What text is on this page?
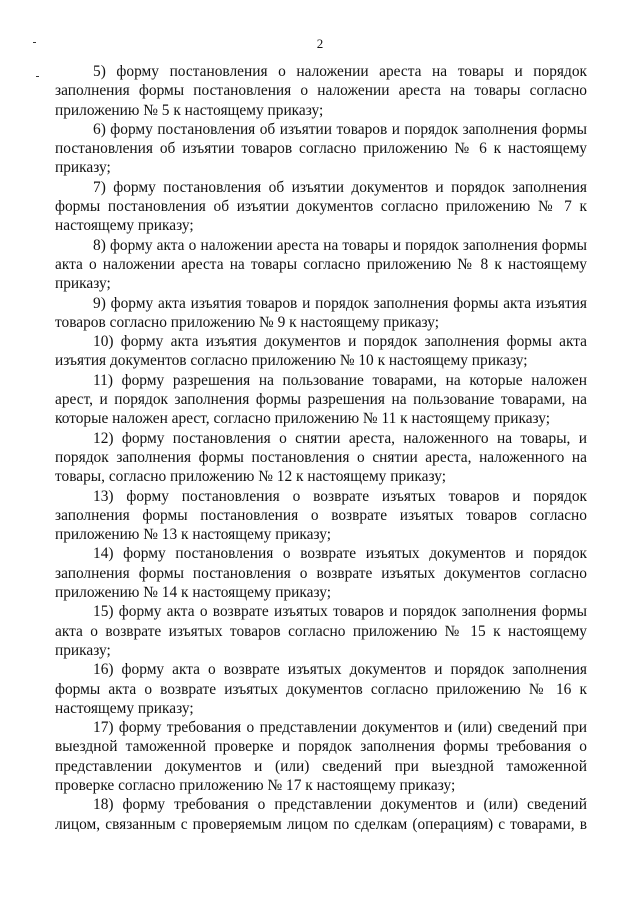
2

5) форму постановления о наложении ареста на товары и порядок заполнения формы постановления о наложении ареста на товары согласно приложению № 5 к настоящему приказу;

6) форму постановления об изъятии товаров и порядок заполнения формы постановления об изъятии товаров согласно приложению № 6 к настоящему приказу;

7) форму постановления об изъятии документов и порядок заполнения формы постановления об изъятии документов согласно приложению № 7 к настоящему приказу;

8) форму акта о наложении ареста на товары и порядок заполнения формы акта о наложении ареста на товары согласно приложению № 8 к настоящему приказу;

9) форму акта изъятия товаров и порядок заполнения формы акта изъятия товаров согласно приложению № 9 к настоящему приказу;

10) форму акта изъятия документов и порядок заполнения формы акта изъятия документов согласно приложению № 10 к настоящему приказу;

11) форму разрешения на пользование товарами, на которые наложен арест, и порядок заполнения формы разрешения на пользование товарами, на которые наложен арест, согласно приложению № 11 к настоящему приказу;

12) форму постановления о снятии ареста, наложенного на товары, и порядок заполнения формы постановления о снятии ареста, наложенного на товары, согласно приложению № 12 к настоящему приказу;

13) форму постановления о возврате изъятых товаров и порядок заполнения формы постановления о возврате изъятых товаров согласно приложению № 13 к настоящему приказу;

14) форму постановления о возврате изъятых документов и порядок заполнения формы постановления о возврате изъятых документов согласно приложению № 14 к настоящему приказу;

15) форму акта о возврате изъятых товаров и порядок заполнения формы акта о возврате изъятых товаров согласно приложению № 15 к настоящему приказу;

16) форму акта о возврате изъятых документов и порядок заполнения формы акта о возврате изъятых документов согласно приложению № 16 к настоящему приказу;

17) форму требования о представлении документов и (или) сведений при выездной таможенной проверке и порядок заполнения формы требования о представлении документов и (или) сведений при выездной таможенной проверке согласно приложению № 17 к настоящему приказу;

18) форму требования о представлении документов и (или) сведений лицом, связанным с проверяемым лицом по сделкам (операциям) с товарами, в
